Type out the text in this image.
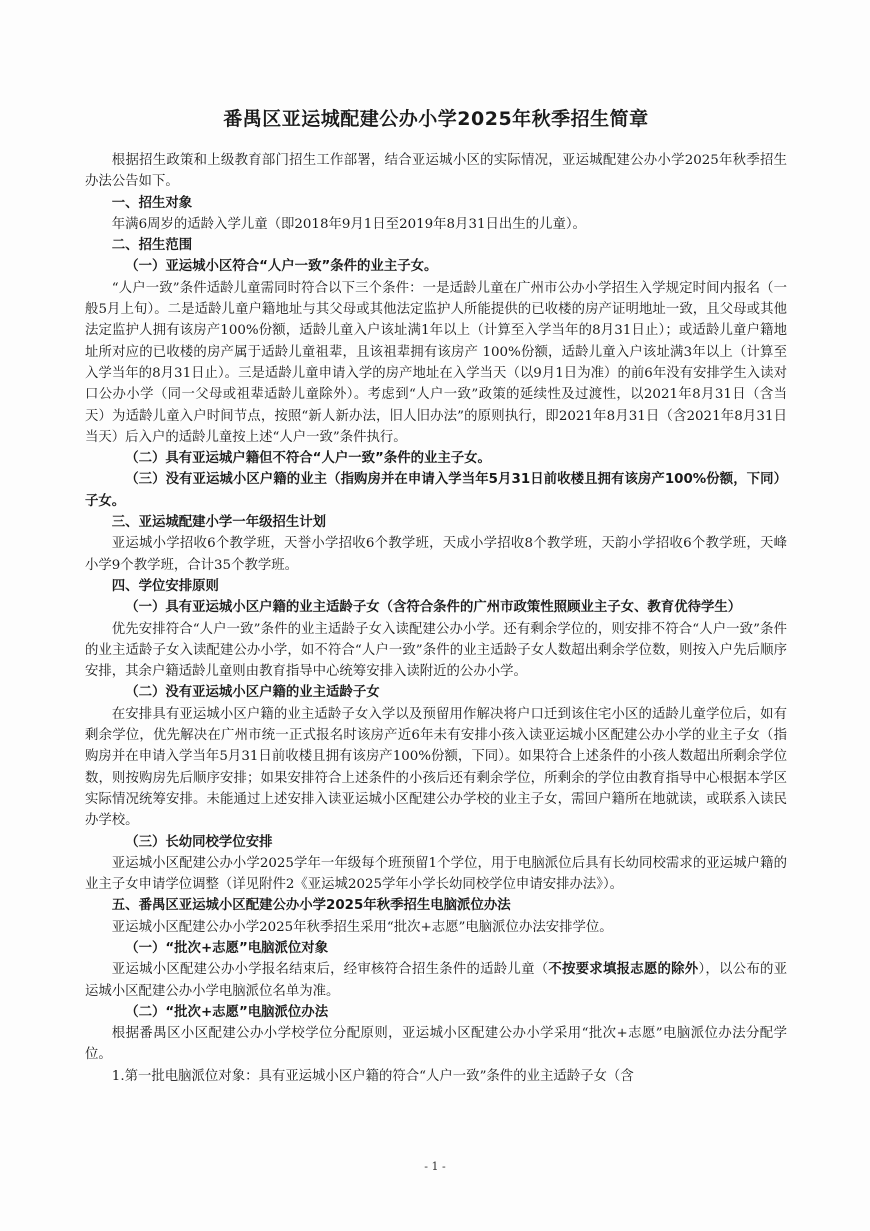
番禺区亚运城配建公办小学2025年秋季招生简章

根据招生政策和上级教育部门招生工作部署，结合亚运城小区的实际情况，亚运城配建公办小学2025年秋季招生办法公告如下。

一、招生对象

年满6周岁的适龄入学儿童（即2018年9月1日至2019年8月31日出生的儿童）。

二、招生范围

（一）亚运城小区符合“人户一致”条件的业主子女。

“人户一致”条件适龄儿童需同时符合以下三个条件：一是适龄儿童在广州市公办小学招生入学规定时间内报名（一般5月上旬）。二是适龄儿童户籍地址与其父母或其他法定监护人所能提供的已收楼的房产证明地址一致，且父母或其他法定监护人拥有该房产100%份额，适龄儿童入户该址满1年以上（计算至入学当年的8月31日止）；或适龄儿童户籍地址所对应的已收楼的房产属于适龄儿童祖辈，且该祖辈拥有该房产 100%份额，适龄儿童入户该址满3年以上（计算至入学当年的8月31日止）。三是适龄儿童申请入学的房产地址在入学当天（以9月1日为准）的前6年没有安排学生入读对口公办小学（同一父母或祖辈适龄儿童除外）。考虑到“人户一致”政策的延续性及过渡性，以2021年8月31日（含当天）为适龄儿童入户时间节点，按照“新人新办法，旧人旧办法”的原则执行，即2021年8月31日（含2021年8月31日当天）后入户的适龄儿童按上述“人户一致”条件执行。

（二）具有亚运城户籍但不符合“人户一致”条件的业主子女。

（三）没有亚运城小区户籍的业主（指购房并在申请入学当年5月31日前收楼且拥有该房产100%份额，下同）子女。

三、亚运城配建小学一年级招生计划

亚运城小学招收6个教学班，天誉小学招收6个教学班，天成小学招收8个教学班，天韵小学招收6个教学班，天峰小学9个教学班，合计35个教学班。

四、学位安排原则

（一）具有亚运城小区户籍的业主适龄子女（含符合条件的广州市政策性照顾业主子女、教育优待学生）

优先安排符合“人户一致”条件的业主适龄子女入读配建公办小学。还有剩余学位的，则安排不符合“人户一致”条件的业主适龄子女入读配建公办小学，如不符合“人户一致”条件的业主适龄子女人数超出剩余学位数，则按入户先后顺序安排，其余户籍适龄儿童则由教育指导中心统筹安排入读附近的公办小学。

（二）没有亚运城小区户籍的业主适龄子女

在安排具有亚运城小区户籍的业主适龄子女入学以及预留用作解决将户口迁到该住宅小区的适龄儿童学位后，如有剩余学位，优先解决在广州市统一正式报名时该房产近6年未有安排小孩入读亚运城小区配建公办小学的业主子女（指购房并在申请入学当年5月31日前收楼且拥有该房产100%份额，下同）。如果符合上述条件的小孩人数超出所剩余学位数，则按购房先后顺序安排；如果安排符合上述条件的小孩后还有剩余学位，所剩余的学位由教育指导中心根据本学区实际情况统筹安排。未能通过上述安排入读亚运城小区配建公办学校的业主子女，需回户籍所在地就读，或联系入读民办学校。

（三）长幼同校学位安排

亚运城小区配建公办小学2025学年一年级每个班预留1个学位，用于电脑派位后具有长幼同校需求的亚运城户籍的业主子女申请学位调整（详见附件2《亚运城2025学年小学长幼同校学位申请安排办法》）。

五、番禺区亚运城小区配建公办小学2025年秋季招生电脑派位办法

亚运城小区配建公办小学2025年秋季招生采用“批次+志愿”电脑派位办法安排学位。

（一）“批次+志愿”电脑派位对象

亚运城小区配建公办小学报名结束后，经审核符合招生条件的适龄儿童（不按要求填报志愿的除外），以公布的亚运城小区配建公办小学电脑派位名单为准。

（二）“批次+志愿”电脑派位办法

根据番禺区小区配建公办小学校学位分配原则，亚运城小区配建公办小学采用“批次+志愿”电脑派位办法分配学位。

1.第一批电脑派位对象：具有亚运城小区户籍的符合“人户一致”条件的业主适龄子女（含

- 1 -
